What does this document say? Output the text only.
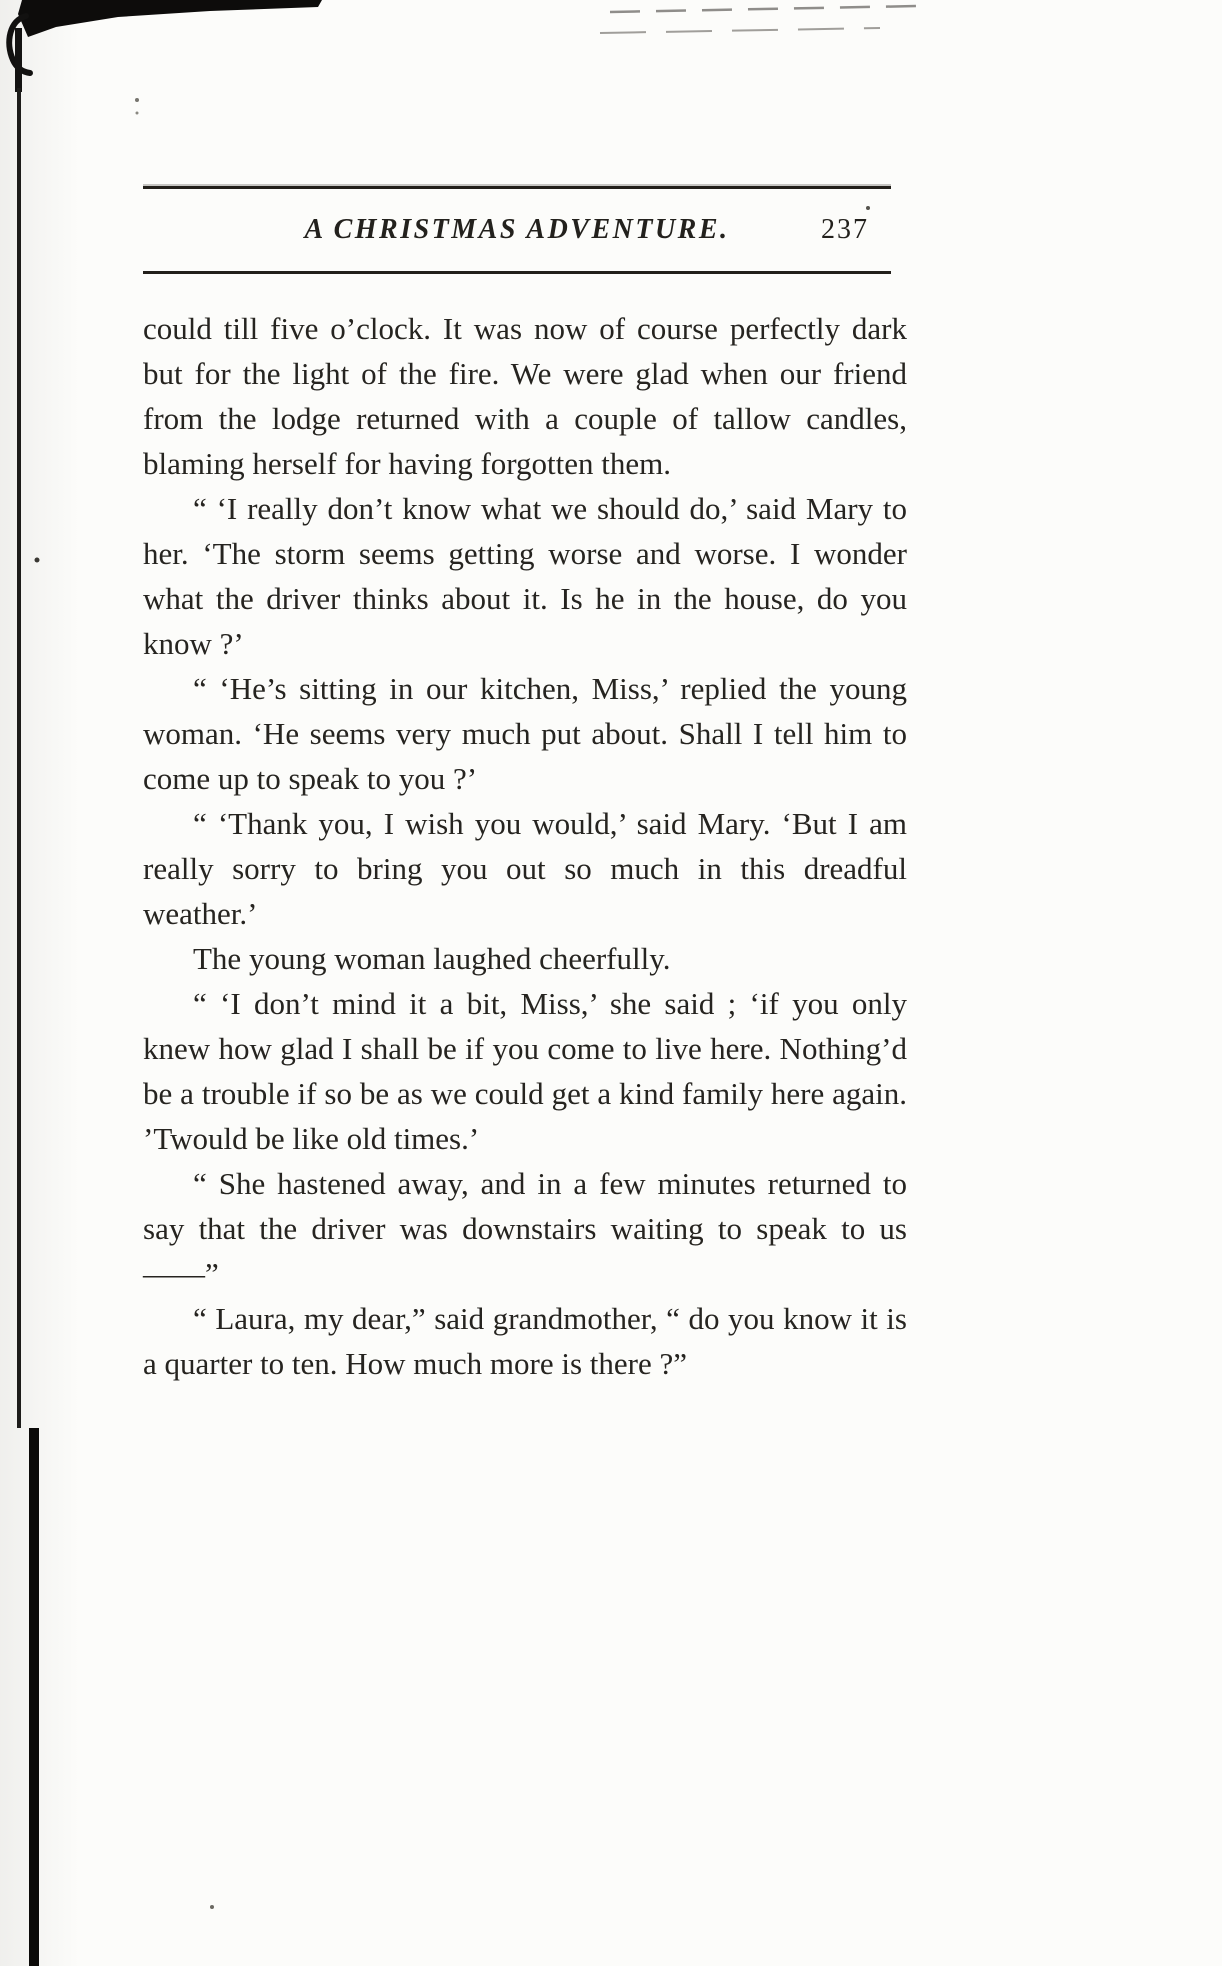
A CHRISTMAS ADVENTURE.	237

could till five o’clock. It was now of course perfectly dark but for the light of the fire. We were glad when our friend from the lodge returned with a couple of tallow candles, blaming herself for having forgotten them.

“ ‘I really don’t know what we should do,’ said Mary to her. ‘The storm seems getting worse and worse. I wonder what the driver thinks about it. Is he in the house, do you know ?’

“ ‘He’s sitting in our kitchen, Miss,’ replied the young woman. ‘He seems very much put about. Shall I tell him to come up to speak to you ?’

“ ‘Thank you, I wish you would,’ said Mary. ‘But I am really sorry to bring you out so much in this dreadful weather.’

The young woman laughed cheerfully.

“ ‘I don’t mind it a bit, Miss,’ she said ; ‘if you only knew how glad I shall be if you come to live here. Nothing’d be a trouble if so be as we could get a kind family here again. ’Twould be like old times.’

“ She hastened away, and in a few minutes returned to say that the driver was downstairs waiting to speak to us——”

“ Laura, my dear,” said grandmother, “ do you know it is a quarter to ten. How much more is there ?”
